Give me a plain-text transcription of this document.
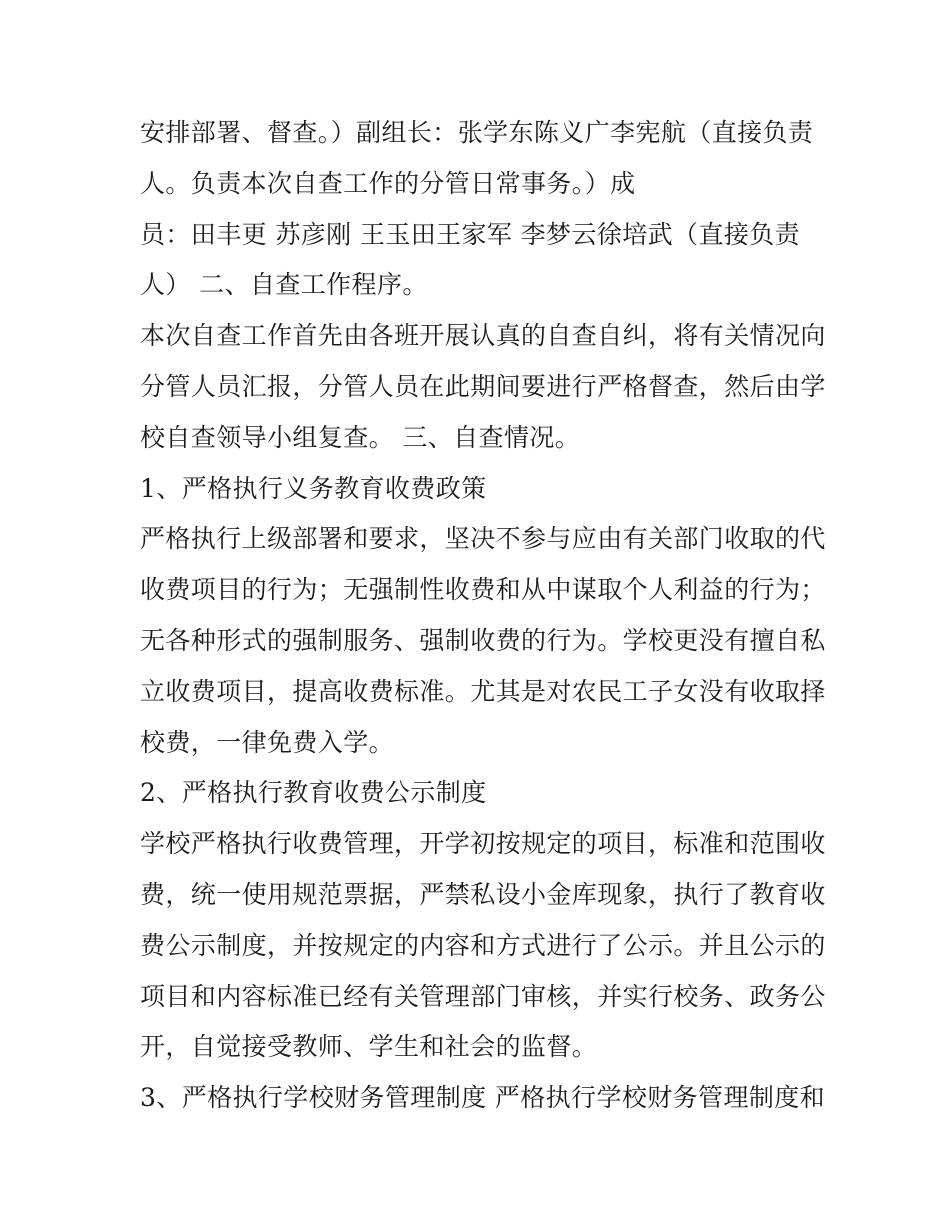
安排部署、督查。）副组长：张学东陈义广李宪航（直接负责
人。负责本次自查工作的分管日常事务。）成
员：田丰更 苏彦刚 王玉田王家军 李梦云徐培武（直接负责
人） 二、自查工作程序。
本次自查工作首先由各班开展认真的自查自纠，将有关情况向
分管人员汇报，分管人员在此期间要进行严格督查，然后由学
校自查领导小组复查。 三、自查情况。
1、严格执行义务教育收费政策
严格执行上级部署和要求，坚决不参与应由有关部门收取的代
收费项目的行为；无强制性收费和从中谋取个人利益的行为；
无各种形式的强制服务、强制收费的行为。学校更没有擅自私
立收费项目，提高收费标准。尤其是对农民工子女没有收取择
校费，一律免费入学。
2、严格执行教育收费公示制度
学校严格执行收费管理，开学初按规定的项目，标准和范围收
费，统一使用规范票据，严禁私设小金库现象，执行了教育收
费公示制度，并按规定的内容和方式进行了公示。并且公示的
项目和内容标准已经有关管理部门审核，并实行校务、政务公
开，自觉接受教师、学生和社会的监督。
3、严格执行学校财务管理制度 严格执行学校财务管理制度和
